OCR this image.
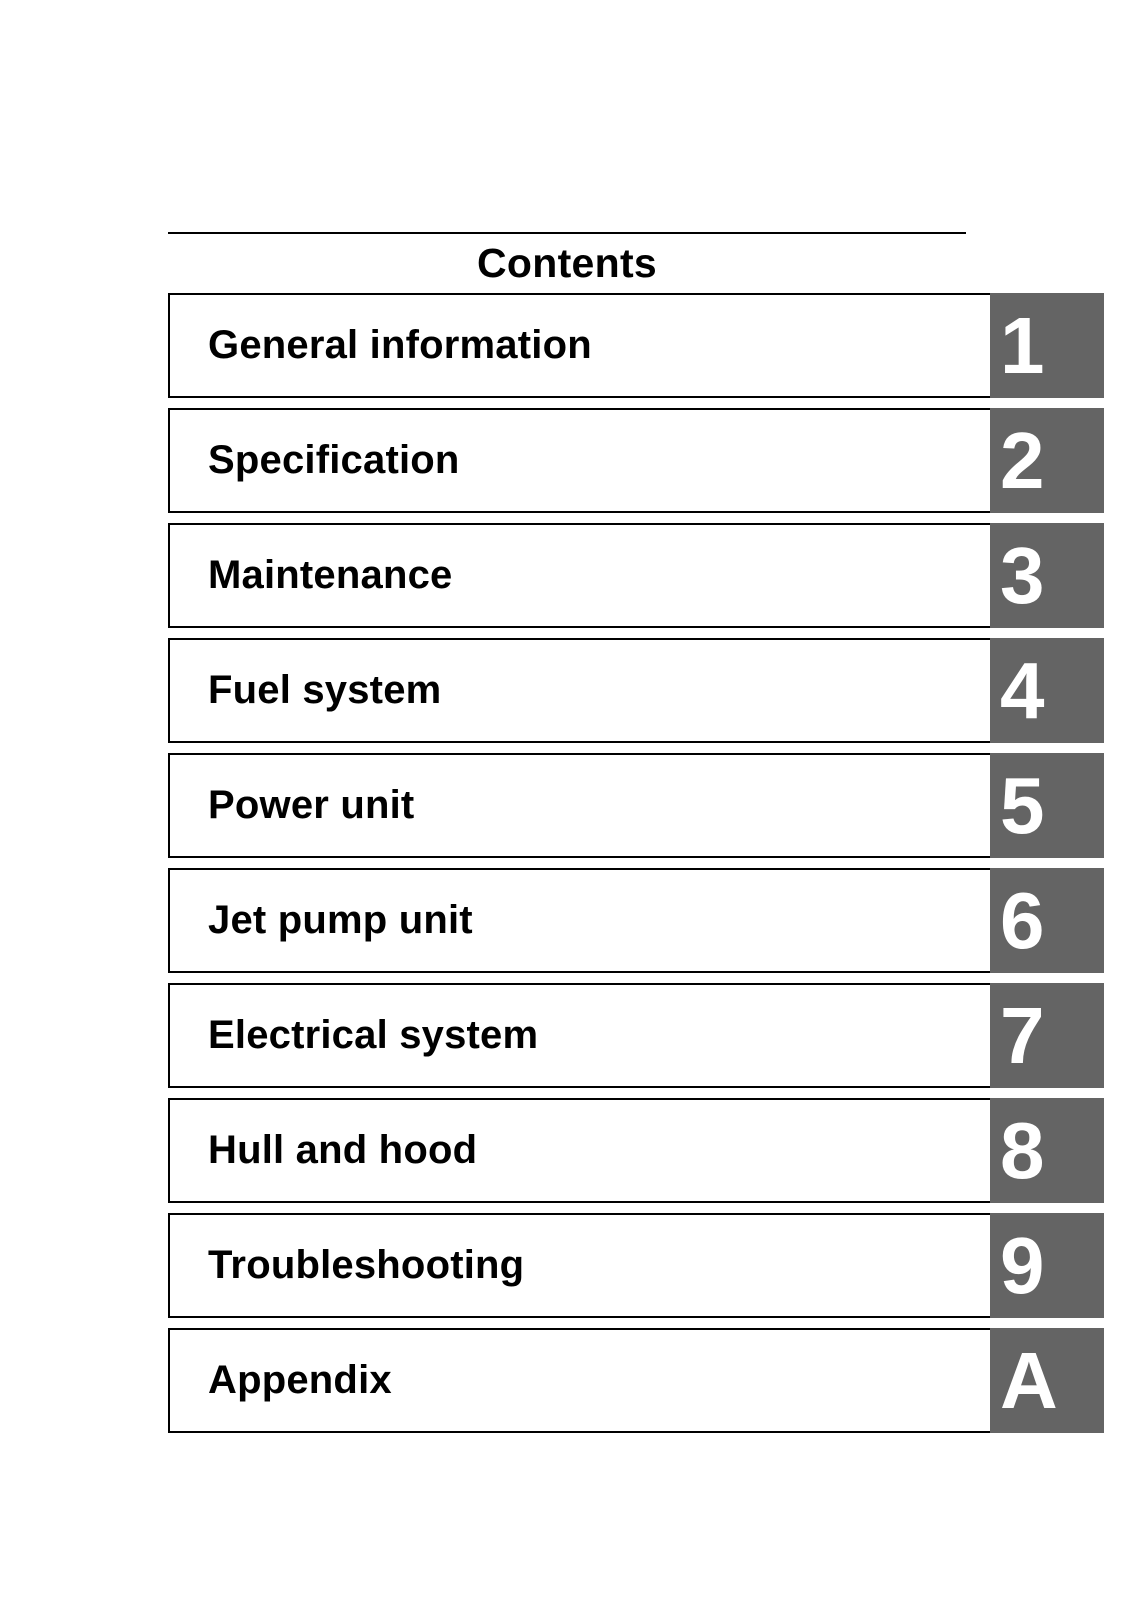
Contents
General information	1
Specification	2
Maintenance	3
Fuel system	4
Power unit	5
Jet pump unit	6
Electrical system	7
Hull and hood	8
Troubleshooting	9
Appendix	A
